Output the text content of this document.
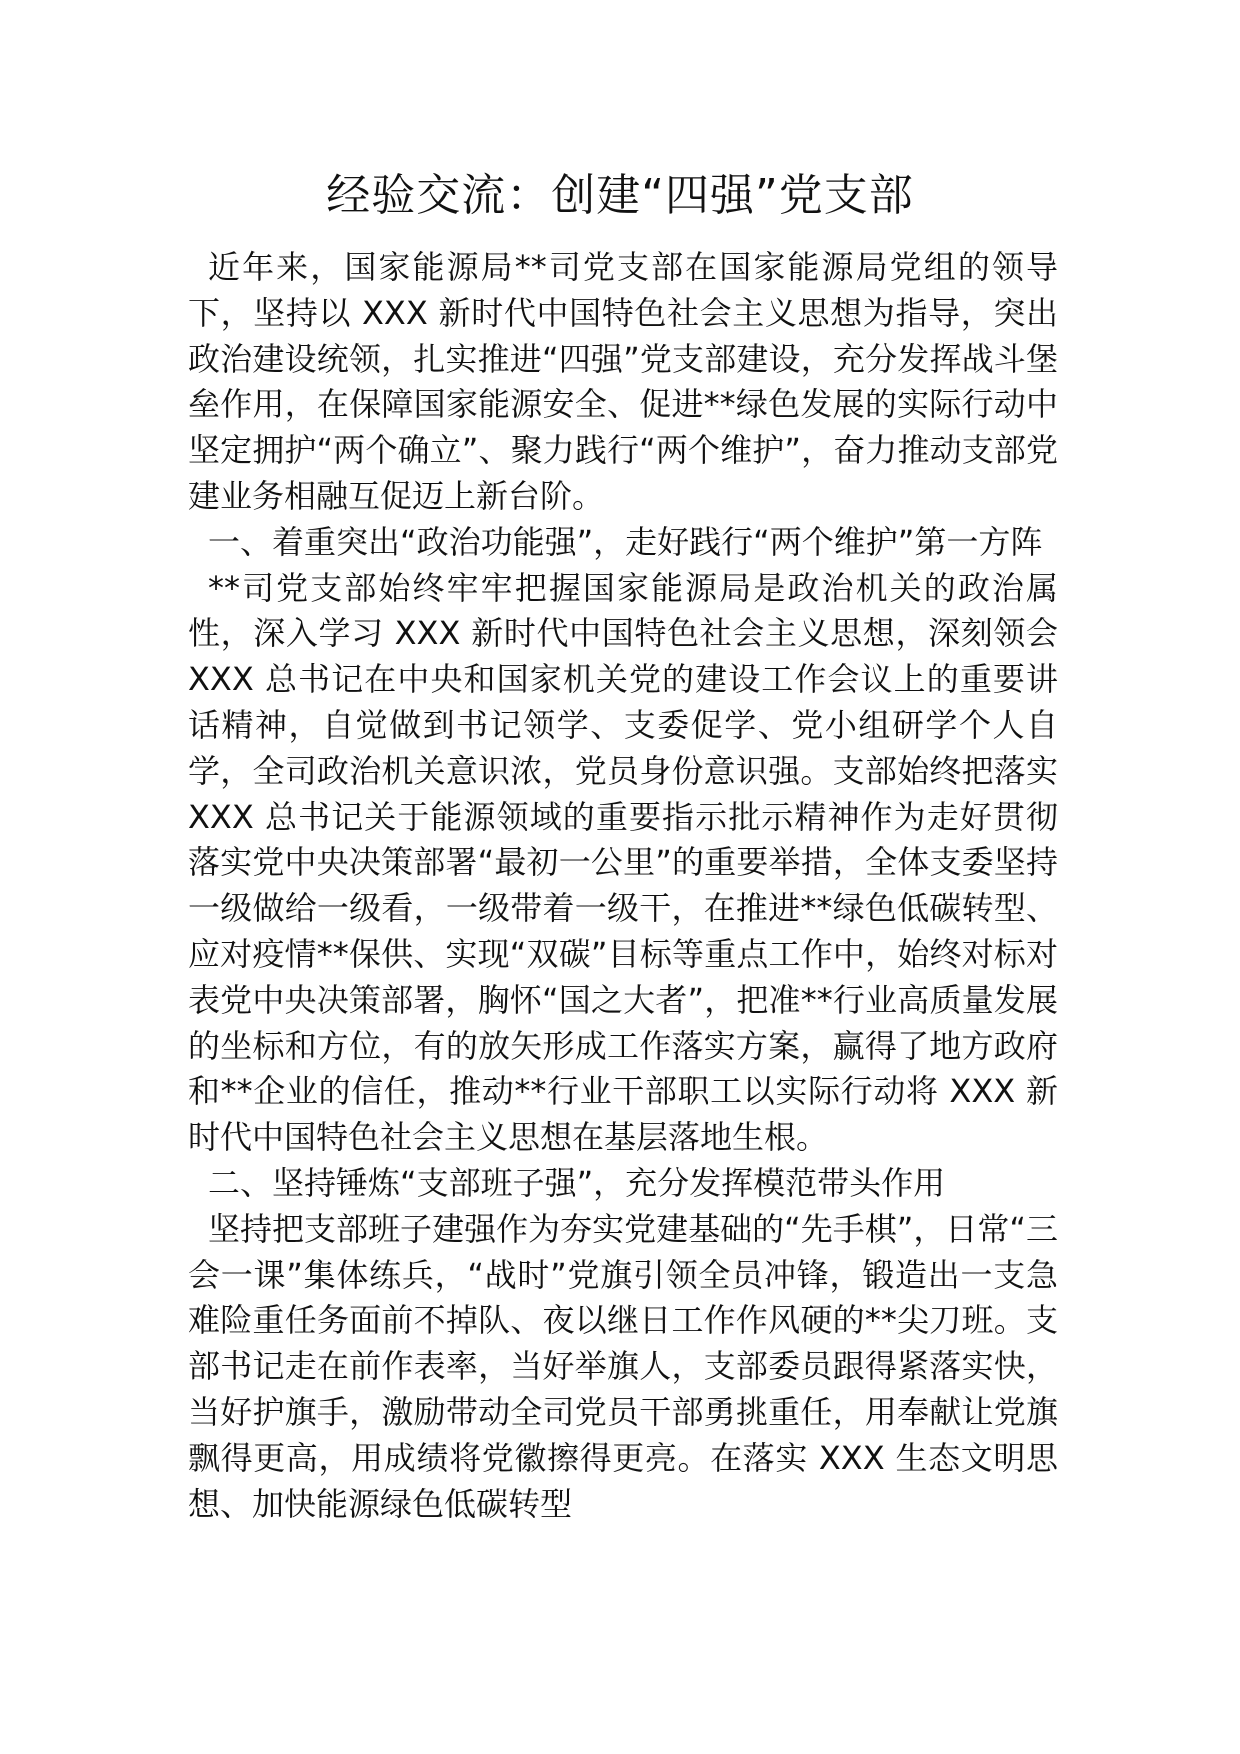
经验交流：创建“四强”党支部

近年来，国家能源局**司党支部在国家能源局党组的领导下，坚持以 XXX 新时代中国特色社会主义思想为指导，突出政治建设统领，扎实推进“四强”党支部建设，充分发挥战斗堡垒作用，在保障国家能源安全、促进**绿色发展的实际行动中坚定拥护“两个确立”、聚力践行“两个维护”，奋力推动支部党建业务相融互促迈上新台阶。

一、着重突出“政治功能强”，走好践行“两个维护”第一方阵

**司党支部始终牢牢把握国家能源局是政治机关的政治属性，深入学习 XXX 新时代中国特色社会主义思想，深刻领会 XXX 总书记在中央和国家机关党的建设工作会议上的重要讲话精神，自觉做到书记领学、支委促学、党小组研学个人自学，全司政治机关意识浓，党员身份意识强。支部始终把落实 XXX 总书记关于能源领域的重要指示批示精神作为走好贯彻落实党中央决策部署“最初一公里”的重要举措，全体支委坚持一级做给一级看，一级带着一级干，在推进**绿色低碳转型、应对疫情**保供、实现“双碳”目标等重点工作中，始终对标对表党中央决策部署，胸怀“国之大者”，把准**行业高质量发展的坐标和方位，有的放矢形成工作落实方案，赢得了地方政府和**企业的信任，推动**行业干部职工以实际行动将 XXX 新时代中国特色社会主义思想在基层落地生根。

二、坚持锤炼“支部班子强”，充分发挥模范带头作用

坚持把支部班子建强作为夯实党建基础的“先手棋”，日常“三会一课”集体练兵，“战时”党旗引领全员冲锋，锻造出一支急难险重任务面前不掉队、夜以继日工作作风硬的**尖刀班。支部书记走在前作表率，当好举旗人，支部委员跟得紧落实快，当好护旗手，激励带动全司党员干部勇挑重任，用奉献让党旗飘得更高，用成绩将党徽擦得更亮。在落实 XXX 生态文明思想、加快能源绿色低碳转型
